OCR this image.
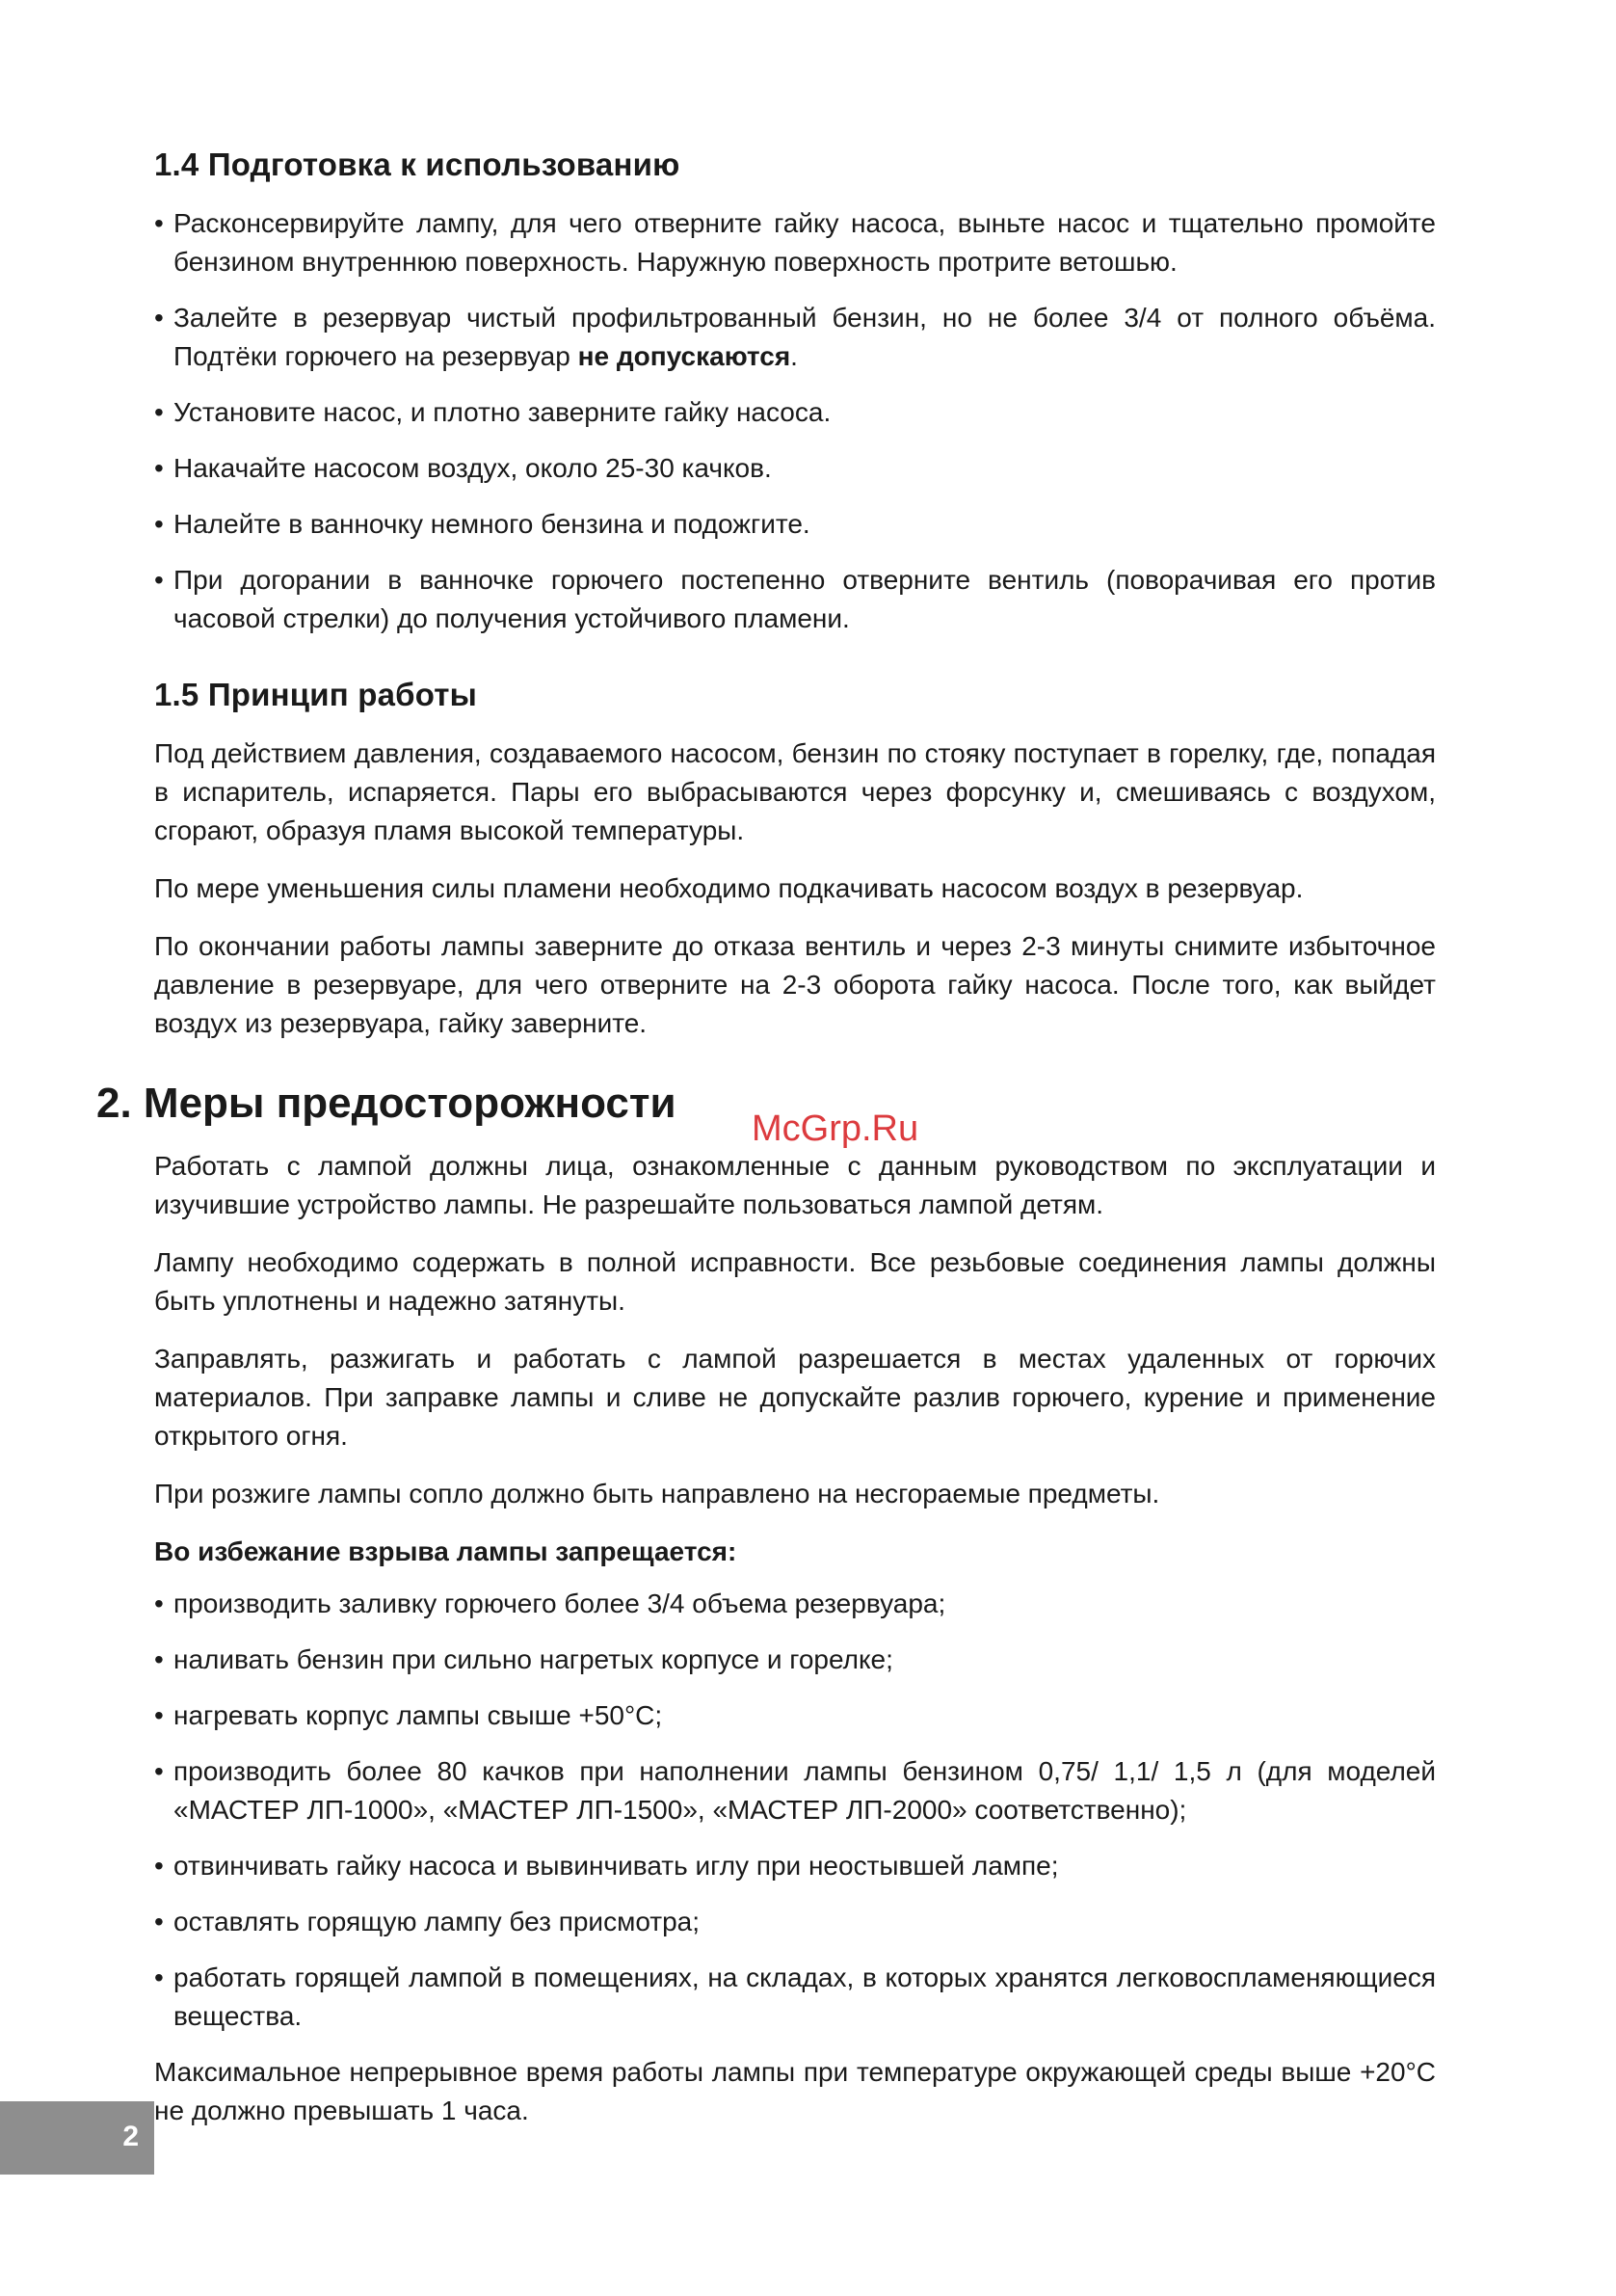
1.4 Подготовка к использованию
• Расконсервируйте лампу, для чего отверните гайку насоса, выньте насос и тщательно промойте бензином внутреннюю поверхность. Наружную поверхность протрите ветошью.
• Залейте в резервуар чистый профильтрованный бензин, но не более 3/4 от полного объёма. Подтёки горючего на резервуар не допускаются.
• Установите насос, и плотно заверните гайку насоса.
• Накачайте насосом воздух, около 25-30 качков.
• Налейте в ванночку немного бензина и подожгите.
• При догорании в ванночке горючего постепенно отверните вентиль (поворачивая его против часовой стрелки) до получения устойчивого пламени.
1.5 Принцип работы

Под действием давления, создаваемого насосом, бензин по стояку поступает в горелку, где, попадая в испаритель, испаряется. Пары его выбрасываются через форсунку и, смешиваясь с воздухом, сгорают, образуя пламя высокой температуры.

По мере уменьшения силы пламени необходимо подкачивать насосом воздух в резервуар.

По окончании работы лампы заверните до отказа вентиль и через 2-3 минуты снимите избыточное давление в резервуаре, для чего отверните на 2-3 оборота гайку насоса. После того, как выйдет воздух из резервуара, гайку заверните.

2. Меры предосторожности

Работать с лампой должны лица, ознакомленные с данным руководством по эксплуатации и изучившие устройство лампы. Не разрешайте пользоваться лампой детям.

Лампу необходимо содержать в полной исправности. Все резьбовые соединения лампы должны быть уплотнены и надежно затянуты.

Заправлять, разжигать и работать с лампой разрешается в местах удаленных от горючих материалов. При заправке лампы и сливе не допускайте разлив горючего, курение и применение открытого огня.

При розжиге лампы сопло должно быть направлено на несгораемые предметы.

Во избежание взрыва лампы запрещается:

• производить заливку горючего более 3/4 объема резервуара;
• наливать бензин при сильно нагретых корпусе и горелке;
• нагревать корпус лампы свыше +50°С;
• производить более 80 качков при наполнении лампы бензином 0,75/ 1,1/ 1,5 л (для моделей «МАСТЕР ЛП-1000», «МАСТЕР ЛП-1500», «МАСТЕР ЛП-2000» соответственно);
• отвинчивать гайку насоса и вывинчивать иглу при неостывшей лампе;
• оставлять горящую лампу без присмотра;
• работать горящей лампой в помещениях, на складах, в которых хранятся легковоспламеняющиеся вещества.

Максимальное непрерывное время работы лампы при температуре окружающей среды выше +20°С не должно превышать 1 часа.

McGrp.Ru
2
